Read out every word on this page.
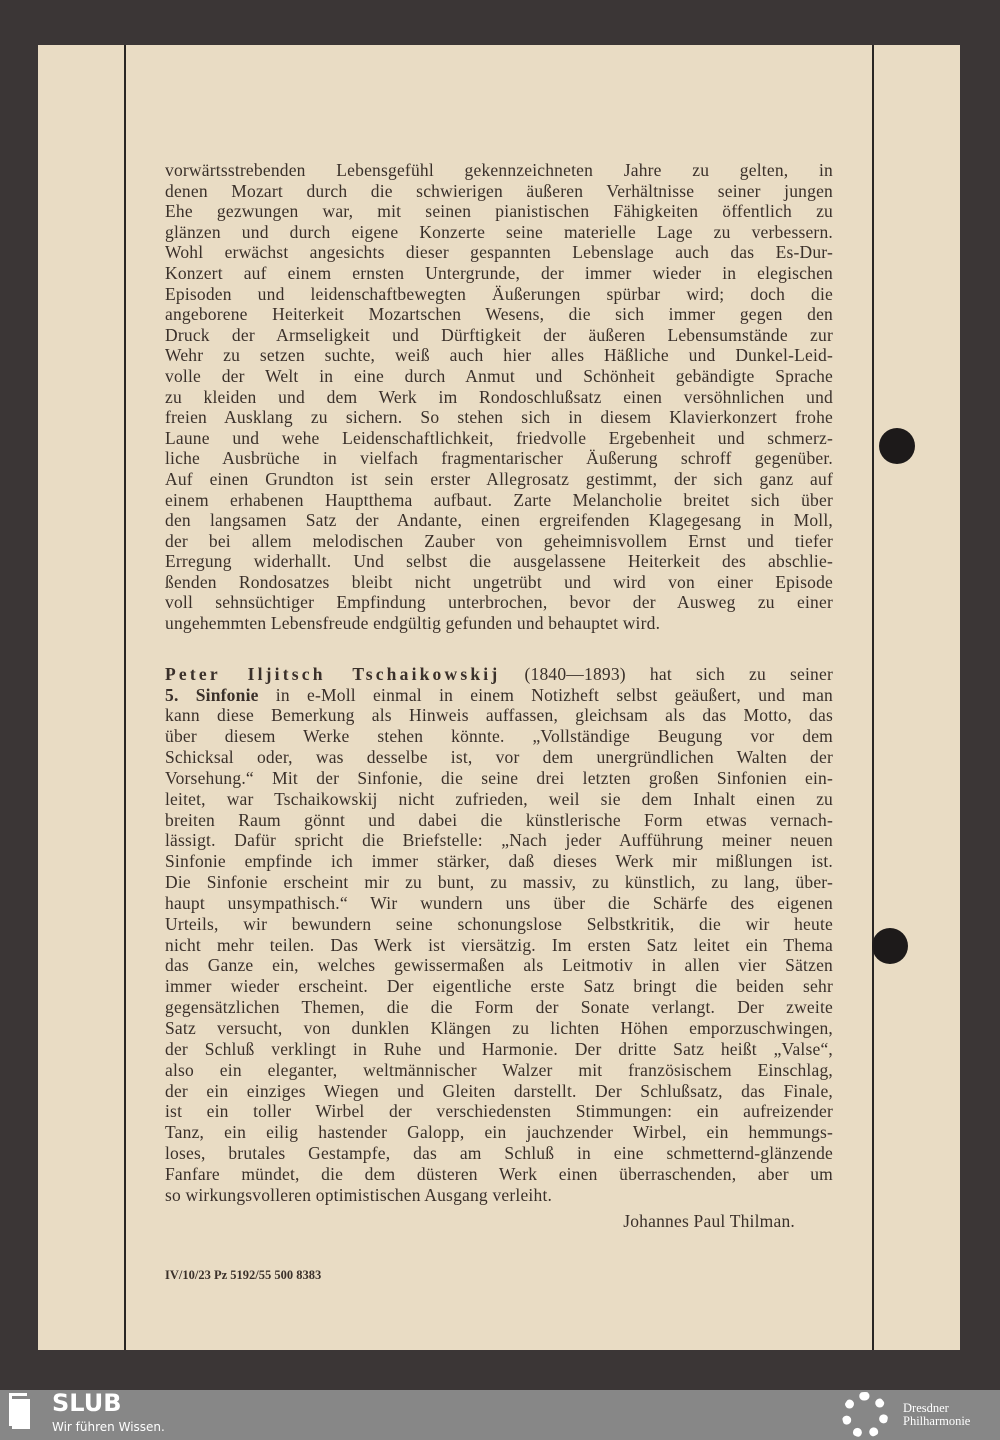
vorwärtsstrebenden Lebensgefühl gekennzeichneten Jahre zu gelten, in
denen Mozart durch die schwierigen äußeren Verhältnisse seiner jungen
Ehe gezwungen war, mit seinen pianistischen Fähigkeiten öffentlich zu
glänzen und durch eigene Konzerte seine materielle Lage zu verbessern.
Wohl erwächst angesichts dieser gespannten Lebenslage auch das Es-Dur-
Konzert auf einem ernsten Untergrunde, der immer wieder in elegischen
Episoden und leidenschaftbewegten Äußerungen spürbar wird; doch die
angeborene Heiterkeit Mozartschen Wesens, die sich immer gegen den
Druck der Armseligkeit und Dürftigkeit der äußeren Lebensumstände zur
Wehr zu setzen suchte, weiß auch hier alles Häßliche und Dunkel-Leid-
volle der Welt in eine durch Anmut und Schönheit gebändigte Sprache
zu kleiden und dem Werk im Rondoschlußsatz einen versöhnlichen und
freien Ausklang zu sichern. So stehen sich in diesem Klavierkonzert frohe
Laune und wehe Leidenschaftlichkeit, friedvolle Ergebenheit und schmerz-
liche Ausbrüche in vielfach fragmentarischer Äußerung schroff gegenüber.
Auf einen Grundton ist sein erster Allegrosatz gestimmt, der sich ganz auf
einem erhabenen Hauptthema aufbaut. Zarte Melancholie breitet sich über
den langsamen Satz der Andante, einen ergreifenden Klagegesang in Moll,
der bei allem melodischen Zauber von geheimnisvollem Ernst und tiefer
Erregung widerhallt. Und selbst die ausgelassene Heiterkeit des abschlie-
ßenden Rondosatzes bleibt nicht ungetrübt und wird von einer Episode
voll sehnsüchtiger Empfindung unterbrochen, bevor der Ausweg zu einer
ungehemmten Lebensfreude endgültig gefunden und behauptet wird.
Peter Iljitsch Tschaikowskij (1840—1893) hat sich zu seiner
5. Sinfonie in e-Moll einmal in einem Notizheft selbst geäußert, und man
kann diese Bemerkung als Hinweis auffassen, gleichsam als das Motto, das
über diesem Werke stehen könnte. „Vollständige Beugung vor dem
Schicksal oder, was desselbe ist, vor dem unergründlichen Walten der
Vorsehung.“ Mit der Sinfonie, die seine drei letzten großen Sinfonien ein-
leitet, war Tschaikowskij nicht zufrieden, weil sie dem Inhalt einen zu
breiten Raum gönnt und dabei die künstlerische Form etwas vernach-
lässigt. Dafür spricht die Briefstelle: „Nach jeder Aufführung meiner neuen
Sinfonie empfinde ich immer stärker, daß dieses Werk mir mißlungen ist.
Die Sinfonie erscheint mir zu bunt, zu massiv, zu künstlich, zu lang, über-
haupt unsympathisch.“ Wir wundern uns über die Schärfe des eigenen
Urteils, wir bewundern seine schonungslose Selbstkritik, die wir heute
nicht mehr teilen. Das Werk ist viersätzig. Im ersten Satz leitet ein Thema
das Ganze ein, welches gewissermaßen als Leitmotiv in allen vier Sätzen
immer wieder erscheint. Der eigentliche erste Satz bringt die beiden sehr
gegensätzlichen Themen, die die Form der Sonate verlangt. Der zweite
Satz versucht, von dunklen Klängen zu lichten Höhen emporzuschwingen,
der Schluß verklingt in Ruhe und Harmonie. Der dritte Satz heißt „Valse“,
also ein eleganter, weltmännischer Walzer mit französischem Einschlag,
der ein einziges Wiegen und Gleiten darstellt. Der Schlußsatz, das Finale,
ist ein toller Wirbel der verschiedensten Stimmungen: ein aufreizender
Tanz, ein eilig hastender Galopp, ein jauchzender Wirbel, ein hemmungs-
loses, brutales Gestampfe, das am Schluß in eine schmetternd-glänzende
Fanfare mündet, die dem düsteren Werk einen überraschenden, aber um
so wirkungsvolleren optimistischen Ausgang verleiht.
Johannes Paul Thilman.
IV/10/23 Pz 5192/55 500 8383
SLUB
Wir führen Wissen.
Dresdner
Philharmonie
